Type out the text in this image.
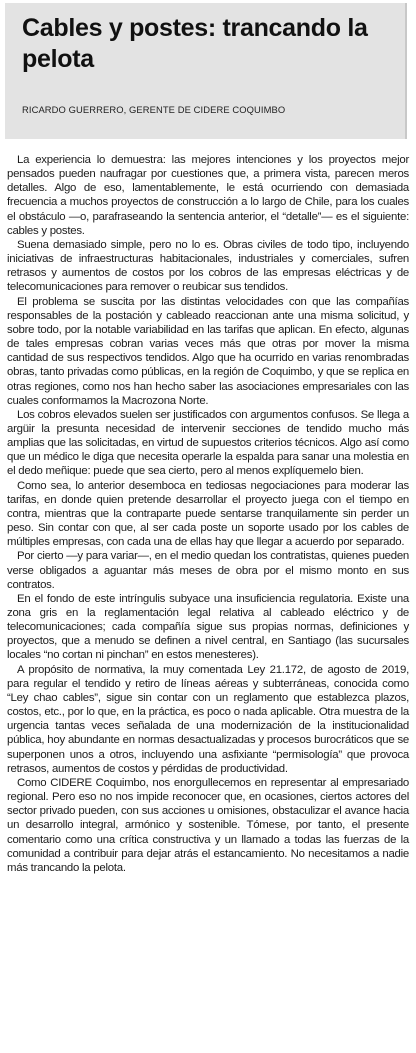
Cables y postes: trancando la pelota
RICARDO GUERRERO, GERENTE DE CIDERE COQUIMBO

La experiencia lo demuestra: las mejores intenciones y los proyectos mejor pensados pueden naufragar por cuestiones que, a primera vista, parecen meros detalles. Algo de eso, lamentablemente, le está ocurriendo con demasiada frecuencia a muchos proyectos de construcción a lo largo de Chile, para los cuales el obstáculo —o, parafraseando la sentencia anterior, el “detalle”— es el siguiente: cables y postes.

Suena demasiado simple, pero no lo es. Obras civiles de todo tipo, incluyendo iniciativas de infraestructuras habitacionales, industriales y comerciales, sufren retrasos y aumentos de costos por los cobros de las empresas eléctricas y de telecomunicaciones para remover o reubicar sus tendidos.

El problema se suscita por las distintas velocidades con que las compañías responsables de la postación y cableado reaccionan ante una misma solicitud, y sobre todo, por la notable variabilidad en las tarifas que aplican. En efecto, algunas de tales empresas cobran varias veces más que otras por mover la misma cantidad de sus respectivos tendidos. Algo que ha ocurrido en varias renombradas obras, tanto privadas como públicas, en la región de Coquimbo, y que se replica en otras regiones, como nos han hecho saber las asociaciones empresariales con las cuales conformamos la Macrozona Norte.

Los cobros elevados suelen ser justificados con argumentos confusos. Se llega a argüir la presunta necesidad de intervenir secciones de tendido mucho más amplias que las solicitadas, en virtud de supuestos criterios técnicos. Algo así como que un médico le diga que necesita operarle la espalda para sanar una molestia en el dedo meñique: puede que sea cierto, pero al menos explíquemelo bien.

Como sea, lo anterior desemboca en tediosas negociaciones para moderar las tarifas, en donde quien pretende desarrollar el proyecto juega con el tiempo en contra, mientras que la contraparte puede sentarse tranquilamente sin perder un peso. Sin contar con que, al ser cada poste un soporte usado por los cables de múltiples empresas, con cada una de ellas hay que llegar a acuerdo por separado.

Por cierto —y para variar—, en el medio quedan los contratistas, quienes pueden verse obligados a aguantar más meses de obra por el mismo monto en sus contratos.

En el fondo de este intríngulis subyace una insuficiencia regulatoria. Existe una zona gris en la reglamentación legal relativa al cableado eléctrico y de telecomunicaciones; cada compañía sigue sus propias normas, definiciones y proyectos, que a menudo se definen a nivel central, en Santiago (las sucursales locales “no cortan ni pinchan” en estos menesteres).

A propósito de normativa, la muy comentada Ley 21.172, de agosto de 2019, para regular el tendido y retiro de líneas aéreas y subterráneas, conocida como “Ley chao cables”, sigue sin contar con un reglamento que establezca plazos, costos, etc., por lo que, en la práctica, es poco o nada aplicable. Otra muestra de la urgencia tantas veces señalada de una modernización de la institucionalidad pública, hoy abundante en normas desactualizadas y procesos burocráticos que se superponen unos a otros, incluyendo una asfixiante “permisología” que provoca retrasos, aumentos de costos y pérdidas de productividad.

Como CIDERE Coquimbo, nos enorgullecemos en representar al empresariado regional. Pero eso no nos impide reconocer que, en ocasiones, ciertos actores del sector privado pueden, con sus acciones u omisiones, obstaculizar el avance hacia un desarrollo integral, armónico y sostenible. Tómese, por tanto, el presente comentario como una crítica constructiva y un llamado a todas las fuerzas de la comunidad a contribuir para dejar atrás el estancamiento. No necesitamos a nadie más trancando la pelota.
